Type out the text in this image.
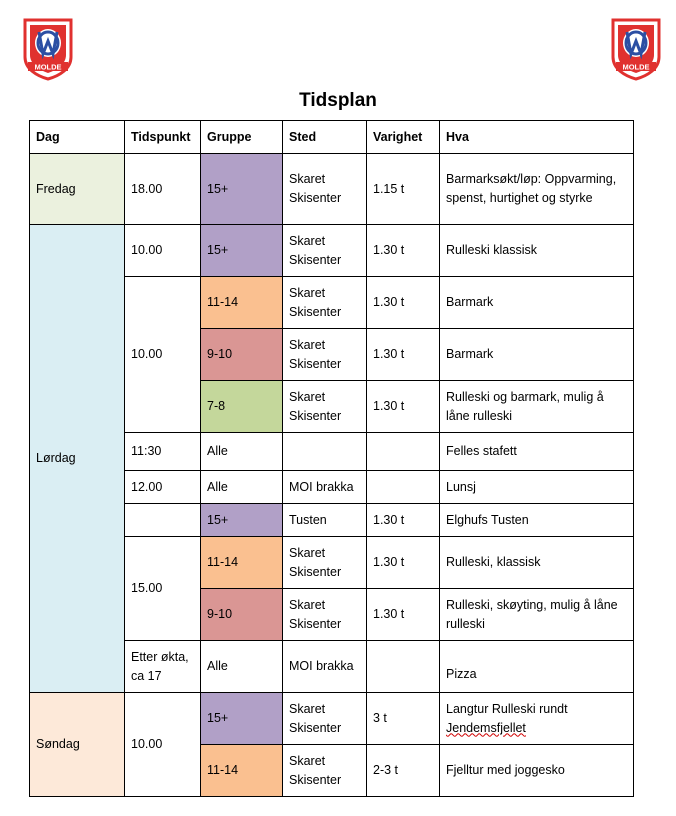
MOLDE	MOLDE
Tidsplan
Dag	Tidspunkt	Gruppe	Sted	Varighet	Hva
Fredag	18.00	15+	Skaret Skisenter	1.15 t	Barmarksøkt/løp: Oppvarming, spenst, hurtighet og styrke
Lørdag	10.00	15+	Skaret Skisenter	1.30 t	Rulleski klassisk
	10.00	11-14	Skaret Skisenter	1.30 t	Barmark
		9-10	Skaret Skisenter	1.30 t	Barmark
		7-8	Skaret Skisenter	1.30 t	Rulleski og barmark, mulig å låne rulleski
	11:30	Alle			Felles stafett
	12.00	Alle	MOI brakka		Lunsj
		15+	Tusten	1.30 t	Elghufs Tusten
	15.00	11-14	Skaret Skisenter	1.30 t	Rulleski, klassisk
		9-10	Skaret Skisenter	1.30 t	Rulleski, skøyting, mulig å låne rulleski
	Etter økta, ca 17	Alle	MOI brakka		Pizza
Søndag	10.00	15+	Skaret Skisenter	3 t	Langtur Rulleski rundt
Jendemsfjellet
		11-14	Skaret Skisenter	2-3 t	Fjelltur med joggesko
